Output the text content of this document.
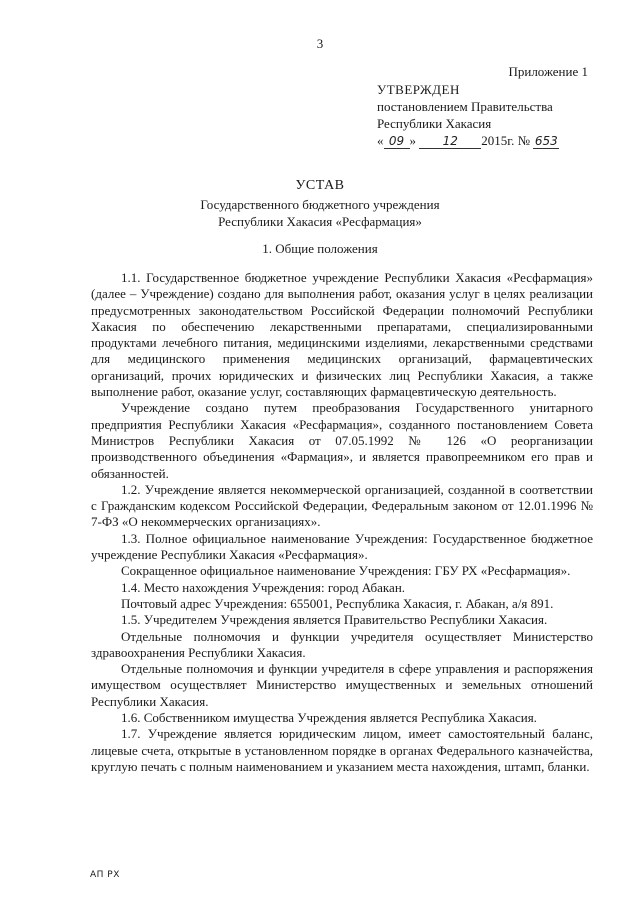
3
Приложение 1
УТВЕРЖДЕН
постановлением Правительства
Республики Хакасия
« 09 » 12 2015г. № 653
УСТАВ
Государственного бюджетного учреждения
Республики Хакасия «Ресфармация»
1. Общие положения

1.1. Государственное бюджетное учреждение Республики Хакасия «Ресфармация» (далее – Учреждение) создано для выполнения работ, оказания услуг в целях реализации предусмотренных законодательством Российской Федерации полномочий Республики Хакасия по обеспечению лекарственными препаратами, специализированными продуктами лечебного питания, медицинскими изделиями, лекарственными средствами для медицинского применения медицинских организаций, фармацевтических организаций, прочих юридических и физических лиц Республики Хакасия, а также выполнение работ, оказание услуг, составляющих фармацевтическую деятельность.

Учреждение создано путем преобразования Государственного унитарного предприятия Республики Хакасия «Ресфармация», созданного постановлением Совета Министров Республики Хакасия от 07.05.1992 № 126 «О реорганизации производственного объединения «Фармация», и является правопреемником его прав и обязанностей.

1.2. Учреждение является некоммерческой организацией, созданной в соответствии с Гражданским кодексом Российской Федерации, Федеральным законом от 12.01.1996 № 7-ФЗ «О некоммерческих организациях».

1.3. Полное официальное наименование Учреждения: Государственное бюджетное учреждение Республики Хакасия «Ресфармация».

Сокращенное официальное наименование Учреждения: ГБУ РХ «Ресфармация».

1.4. Место нахождения Учреждения: город Абакан.

Почтовый адрес Учреждения: 655001, Республика Хакасия, г. Абакан, а/я 891.

1.5. Учредителем Учреждения является Правительство Республики Хакасия.

Отдельные полномочия и функции учредителя осуществляет Министерство здравоохранения Республики Хакасия.

Отдельные полномочия и функции учредителя в сфере управления и распоряжения имуществом осуществляет Министерство имущественных и земельных отношений Республики Хакасия.

1.6. Собственником имущества Учреждения является Республика Хакасия.

1.7. Учреждение является юридическим лицом, имеет самостоятельный баланс, лицевые счета, открытые в установленном порядке в органах Федерального казначейства, круглую печать с полным наименованием и указанием места нахождения, штамп, бланки.

АП РХ
